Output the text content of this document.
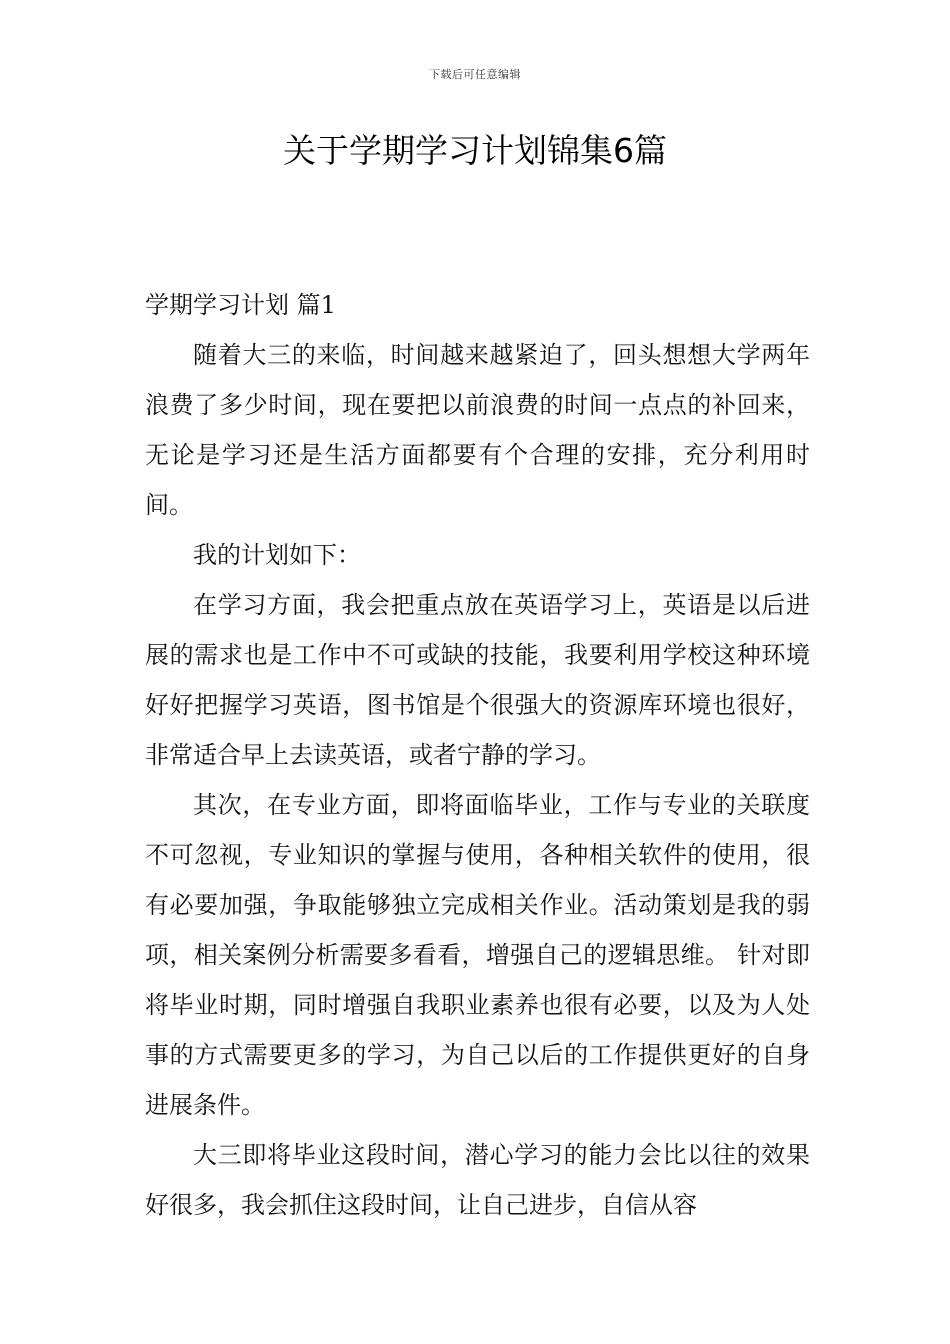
下载后可任意编辑
关于学期学习计划锦集6篇
学期学习计划 篇1

随着大三的来临，时间越来越紧迫了，回头想想大学两年浪费了多少时间，现在要把以前浪费的时间一点点的补回来，无论是学习还是生活方面都要有个合理的安排，充分利用时间。

我的计划如下：

在学习方面，我会把重点放在英语学习上，英语是以后进展的需求也是工作中不可或缺的技能，我要利用学校这种环境好好把握学习英语，图书馆是个很强大的资源库环境也很好，非常适合早上去读英语，或者宁静的学习。

其次，在专业方面，即将面临毕业，工作与专业的关联度不可忽视，专业知识的掌握与使用，各种相关软件的使用，很有必要加强，争取能够独立完成相关作业。活动策划是我的弱项，相关案例分析需要多看看，增强自己的逻辑思维。 针对即将毕业时期，同时增强自我职业素养也很有必要，以及为人处事的方式需要更多的学习，为自己以后的工作提供更好的自身进展条件。

大三即将毕业这段时间，潜心学习的能力会比以往的效果好很多，我会抓住这段时间，让自己进步，自信从容
